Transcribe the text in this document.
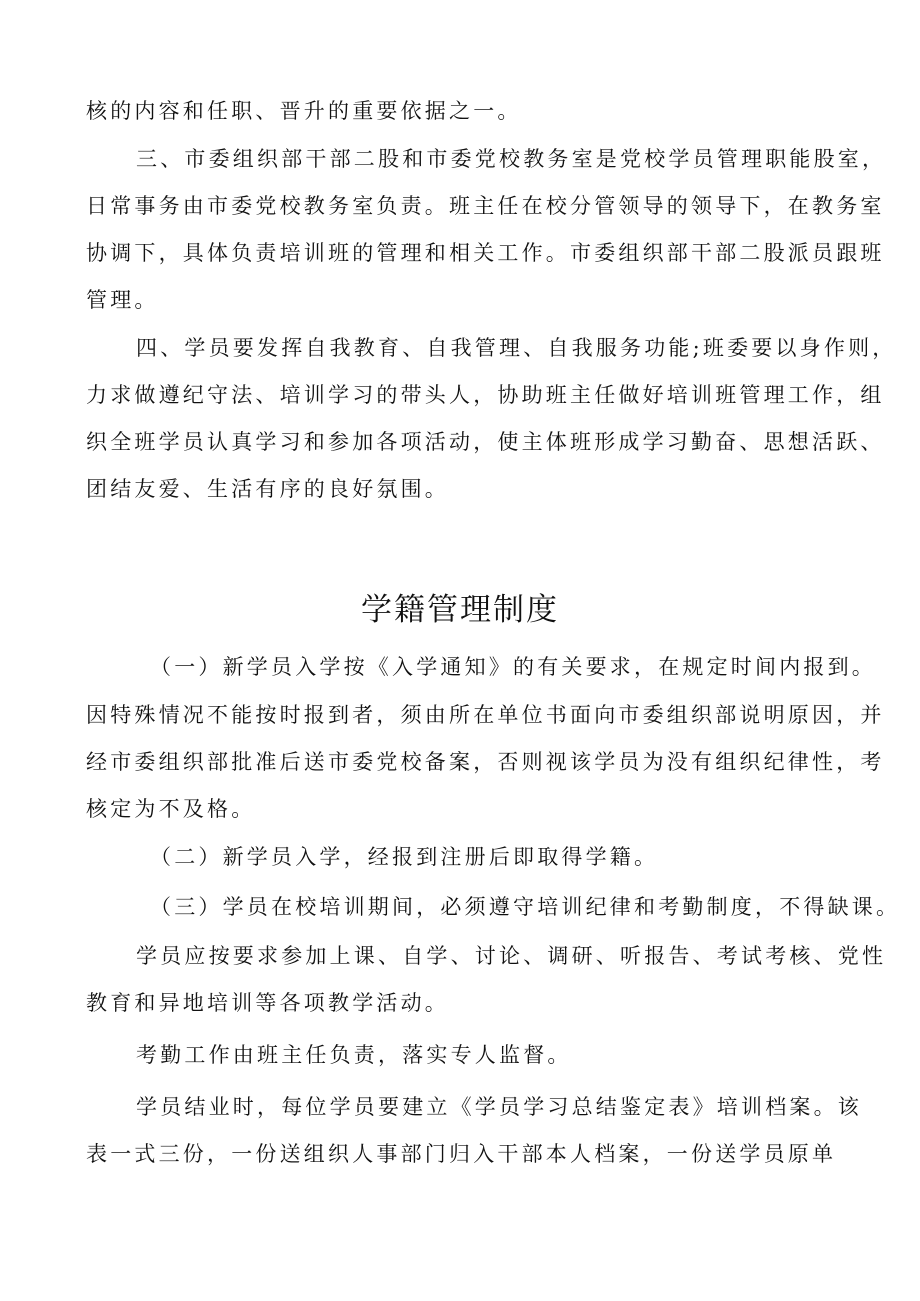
核的内容和任职、晋升的重要依据之一。
三、市委组织部干部二股和市委党校教务室是党校学员管理职能股室，
日常事务由市委党校教务室负责。班主任在校分管领导的领导下，在教务室
协调下，具体负责培训班的管理和相关工作。市委组织部干部二股派员跟班
管理。
四、学员要发挥自我教育、自我管理、自我服务功能;班委要以身作则，
力求做遵纪守法、培训学习的带头人，协助班主任做好培训班管理工作，组
织全班学员认真学习和参加各项活动，使主体班形成学习勤奋、思想活跃、
团结友爱、生活有序的良好氛围。
学籍管理制度
（一）新学员入学按《入学通知》的有关要求，在规定时间内报到。
因特殊情况不能按时报到者，须由所在单位书面向市委组织部说明原因，并
经市委组织部批准后送市委党校备案，否则视该学员为没有组织纪律性，考
核定为不及格。
（二）新学员入学，经报到注册后即取得学籍。
（三）学员在校培训期间，必须遵守培训纪律和考勤制度，不得缺课。
学员应按要求参加上课、自学、讨论、调研、听报告、考试考核、党性
教育和异地培训等各项教学活动。
考勤工作由班主任负责，落实专人监督。
学员结业时，每位学员要建立《学员学习总结鉴定表》培训档案。该
表一式三份，一份送组织人事部门归入干部本人档案，一份送学员原单
